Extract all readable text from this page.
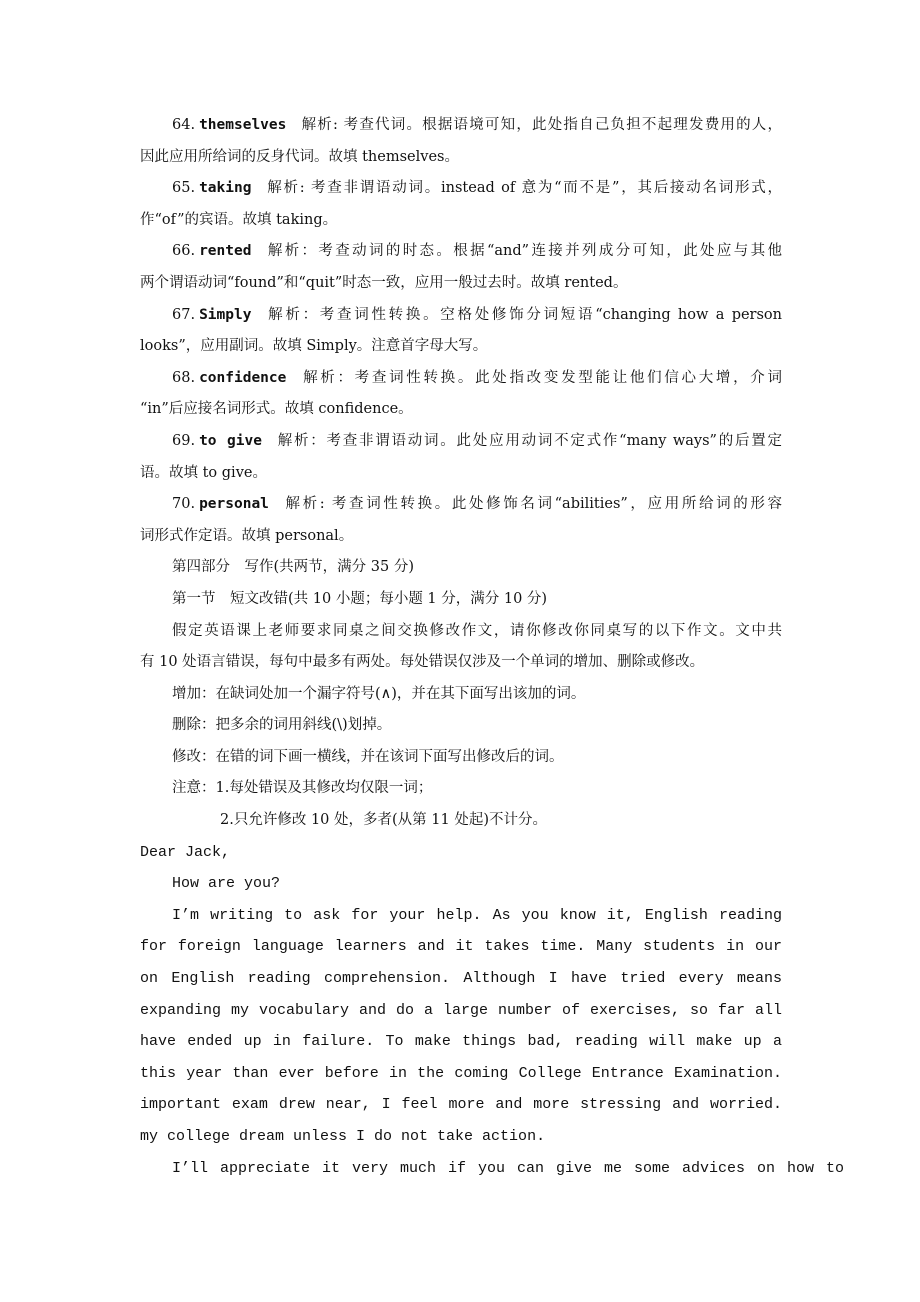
64. themselves 解析: 考查代词。根据语境可知，此处指自己负担不起理发费用的人，
因此应用所给词的反身代词。故填 themselves。
65. taking 解析: 考查非谓语动词。instead of 意为“而不是”，其后接动名词形式，
作“of”的宾语。故填 taking。
66. rented 解析：考查动词的时态。根据“and”连接并列成分可知，此处应与其他
两个谓语动词“found”和“quit”时态一致，应用一般过去时。故填 rented。
67. Simply 解析：考查词性转换。空格处修饰分词短语“changing how a person
looks”，应用副词。故填 Simply。注意首字母大写。
68. confidence 解析：考查词性转换。此处指改变发型能让他们信心大增，介词
“in”后应接名词形式。故填 confidence。
69. to give 解析：考查非谓语动词。此处应用动词不定式作“many ways”的后置定
语。故填 to give。
70. personal 解析: 考查词性转换。此处修饰名词“abilities”，应用所给词的形容
词形式作定语。故填 personal。
第四部分　写作(共两节，满分 35 分)
第一节　短文改错(共 10 小题；每小题 1 分，满分 10 分)
假定英语课上老师要求同桌之间交换修改作文，请你修改你同桌写的以下作文。文中共
有 10 处语言错误，每句中最多有两处。每处错误仅涉及一个单词的增加、删除或修改。
增加：在缺词处加一个漏字符号(∧)，并在其下面写出该加的词。
删除：把多余的词用斜线(\)划掉。
修改：在错的词下画一横线，并在该词下面写出修改后的词。
注意：1.每处错误及其修改均仅限一词；
2.只允许修改 10 处，多者(从第 11 处起)不计分。
Dear Jack,
How are you?
I’m writing to ask for your help. As you know it, English reading
for foreign language learners and it takes time. Many students in our
on English reading comprehension. Although I have tried every means
expanding my vocabulary and do a large number of exercises, so far all
have ended up in failure. To make things bad, reading will make up a
this year than ever before in the coming College Entrance Examination.
important exam drew near, I feel more and more stressing and worried.
my college dream unless I do not take action.
I’ll appreciate it very much if you can give me some advices on how to
